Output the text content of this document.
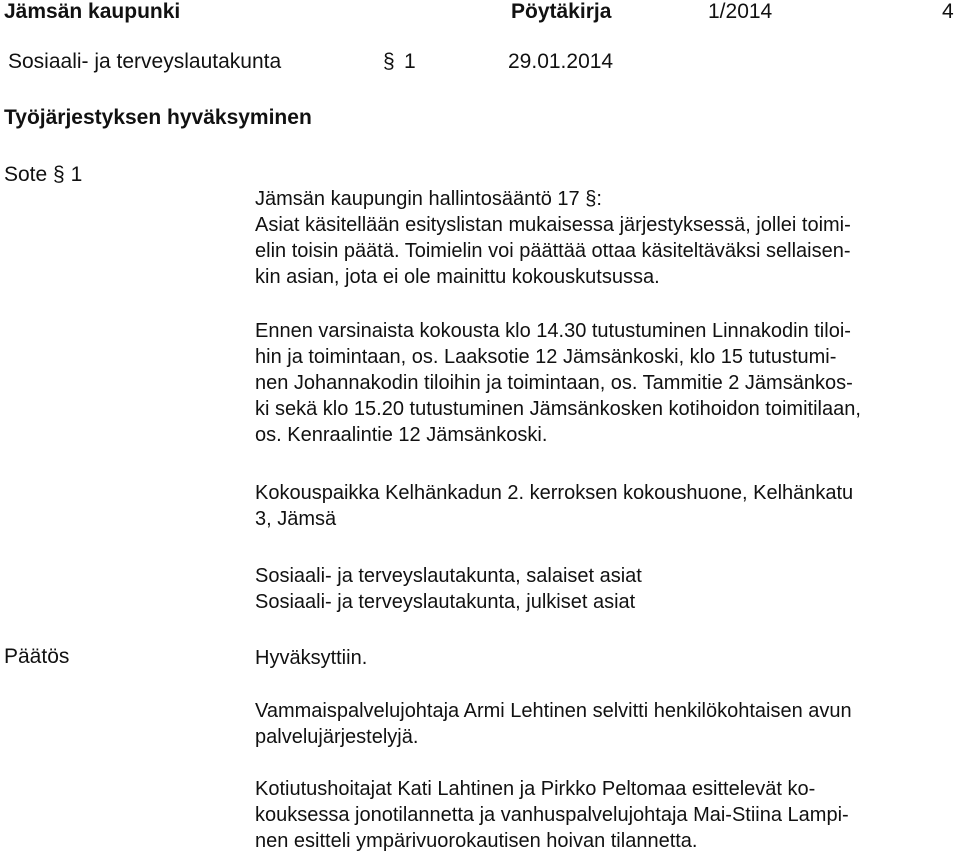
Jämsän kaupunki	Pöytäkirja	1/2014	4
Sosiaali- ja terveyslautakunta	§ 1	29.01.2014
Työjärjestyksen hyväksyminen
Sote § 1
Jämsän kaupungin hallintosääntö 17 §:
Asiat käsitellään esityslistan mukaisessa järjestyksessä, jollei toimi-
elin toisin päätä. Toimielin voi päättää ottaa käsiteltäväksi sellaisen-
kin asian, jota ei ole mainittu kokouskutsussa.
Ennen varsinaista kokousta klo 14.30 tutustuminen Linnakodin tiloi-
hin ja toimintaan, os. Laaksotie 12 Jämsänkoski, klo 15 tutustumi-
nen Johannakodin tiloihin ja toimintaan, os. Tammitie 2 Jämsänkos-
ki sekä klo 15.20 tutustuminen Jämsänkosken kotihoidon toimitilaan,
os. Kenraalintie 12 Jämsänkoski.
Kokouspaikka Kelhänkadun 2. kerroksen kokoushuone, Kelhänkatu
3, Jämsä
Sosiaali- ja terveyslautakunta, salaiset asiat
Sosiaali- ja terveyslautakunta, julkiset asiat
Päätös	Hyväksyttiin.
Vammaispalvelujohtaja Armi Lehtinen selvitti henkilökohtaisen avun
palvelujärjestelyjä.
Kotiutushoitajat Kati Lahtinen ja Pirkko Peltomaa esittelevät ko-
kouksessa jonotilannetta ja vanhuspalvelujohtaja Mai-Stiina Lampi-
nen esitteli ympärivuorokautisen hoivan tilannetta.
